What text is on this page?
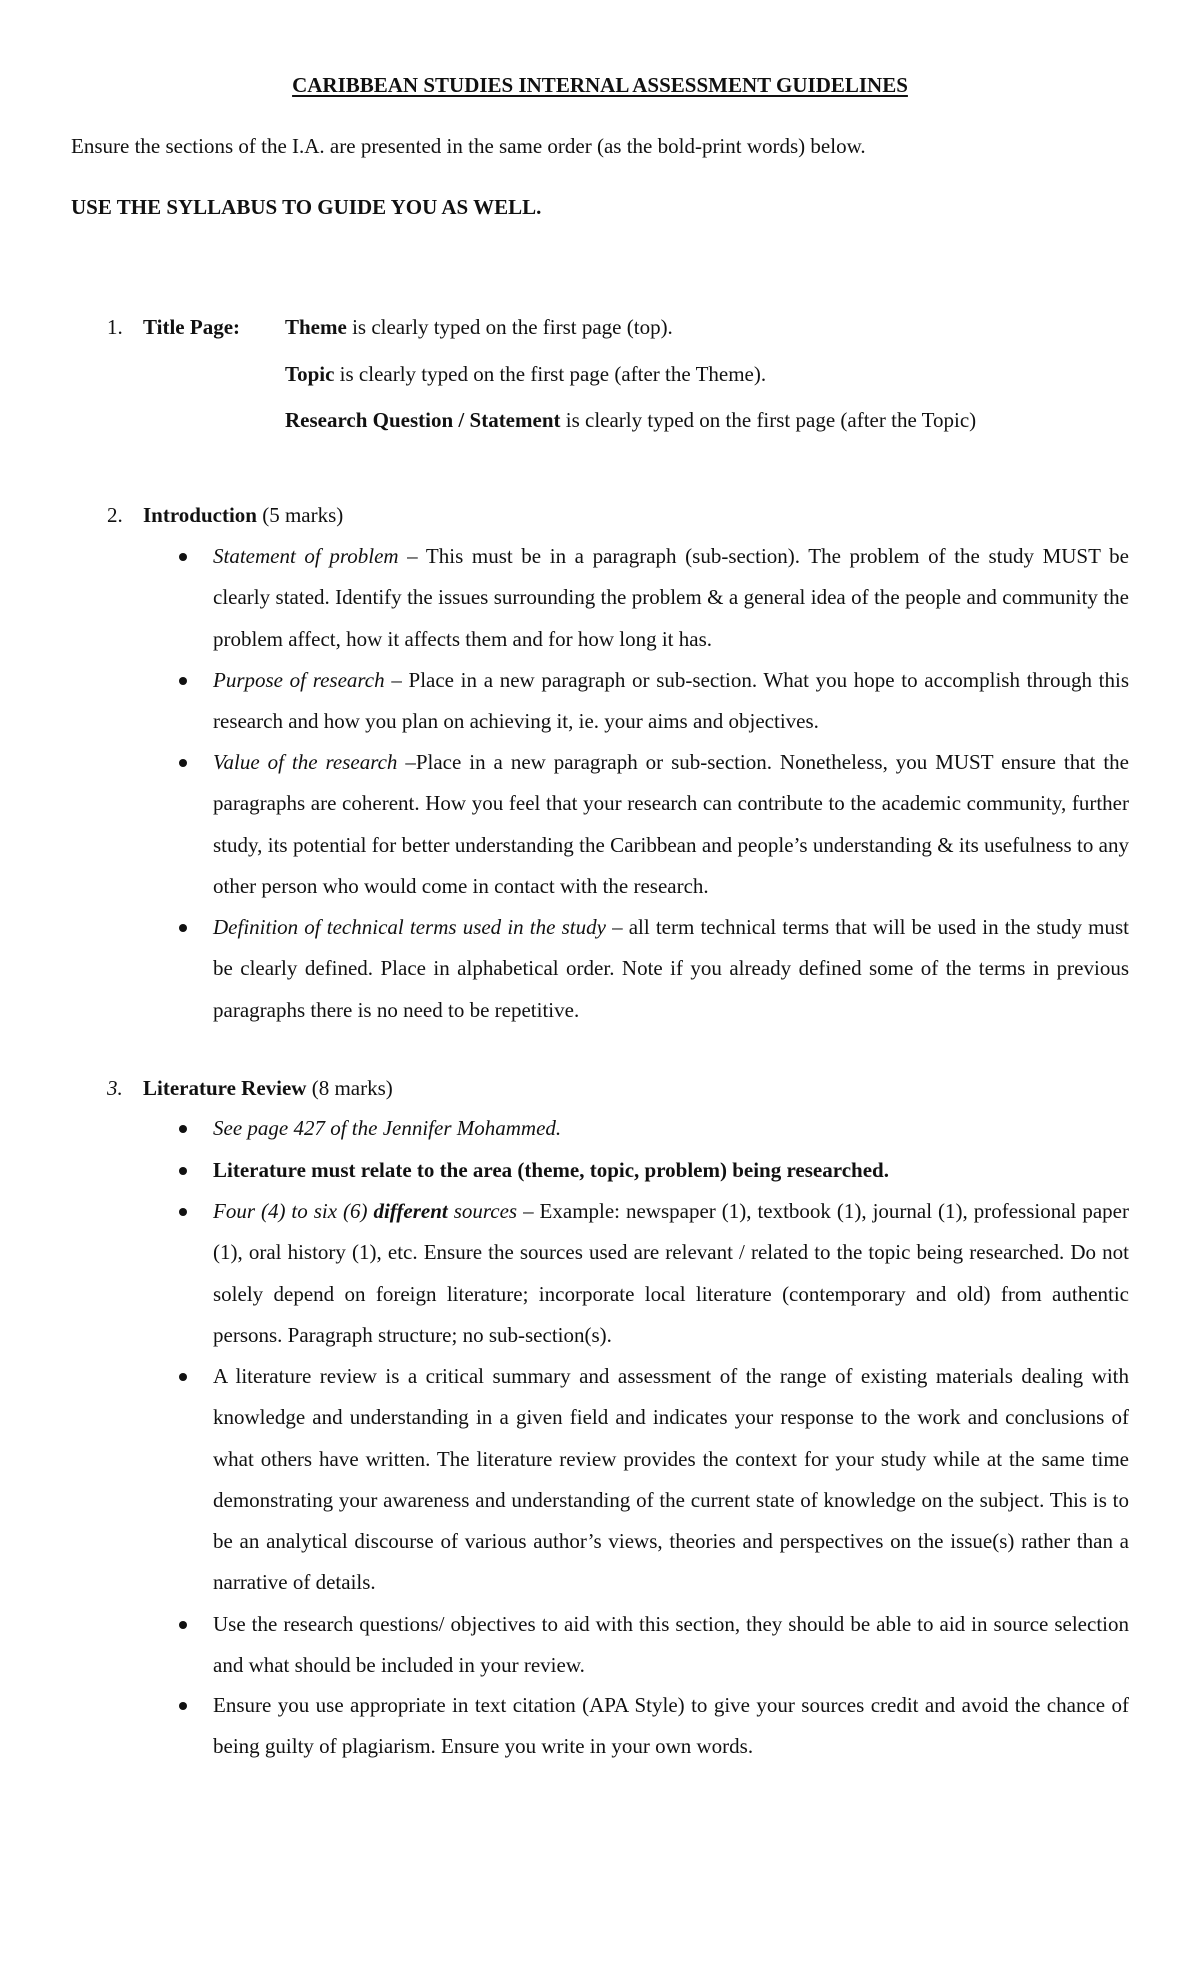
CARIBBEAN STUDIES INTERNAL ASSESSMENT GUIDELINES
Ensure the sections of the I.A. are presented in the same order (as the bold-print words) below.
USE THE SYLLABUS TO GUIDE YOU AS WELL.
1. Title Page: Theme is clearly typed on the first page (top).
Topic is clearly typed on the first page (after the Theme).
Research Question / Statement is clearly typed on the first page (after the Topic)
2. Introduction (5 marks)
Statement of problem – This must be in a paragraph (sub-section). The problem of the study MUST be clearly stated. Identify the issues surrounding the problem & a general idea of the people and community the problem affect, how it affects them and for how long it has.
Purpose of research – Place in a new paragraph or sub-section. What you hope to accomplish through this research and how you plan on achieving it, ie. your aims and objectives.
Value of the research –Place in a new paragraph or sub-section. Nonetheless, you MUST ensure that the paragraphs are coherent. How you feel that your research can contribute to the academic community, further study, its potential for better understanding the Caribbean and people’s understanding & its usefulness to any other person who would come in contact with the research.
Definition of technical terms used in the study – all term technical terms that will be used in the study must be clearly defined. Place in alphabetical order. Note if you already defined some of the terms in previous paragraphs there is no need to be repetitive.
3. Literature Review (8 marks)
See page 427 of the Jennifer Mohammed.
Literature must relate to the area (theme, topic, problem) being researched.
Four (4) to six (6) different sources – Example: newspaper (1), textbook (1), journal (1), professional paper (1), oral history (1), etc. Ensure the sources used are relevant / related to the topic being researched. Do not solely depend on foreign literature; incorporate local literature (contemporary and old) from authentic persons. Paragraph structure; no sub-section(s).
A literature review is a critical summary and assessment of the range of existing materials dealing with knowledge and understanding in a given field and indicates your response to the work and conclusions of what others have written. The literature review provides the context for your study while at the same time demonstrating your awareness and understanding of the current state of knowledge on the subject. This is to be an analytical discourse of various author’s views, theories and perspectives on the issue(s) rather than a narrative of details.
Use the research questions/ objectives to aid with this section, they should be able to aid in source selection and what should be included in your review.
Ensure you use appropriate in text citation (APA Style) to give your sources credit and avoid the chance of being guilty of plagiarism. Ensure you write in your own words.
